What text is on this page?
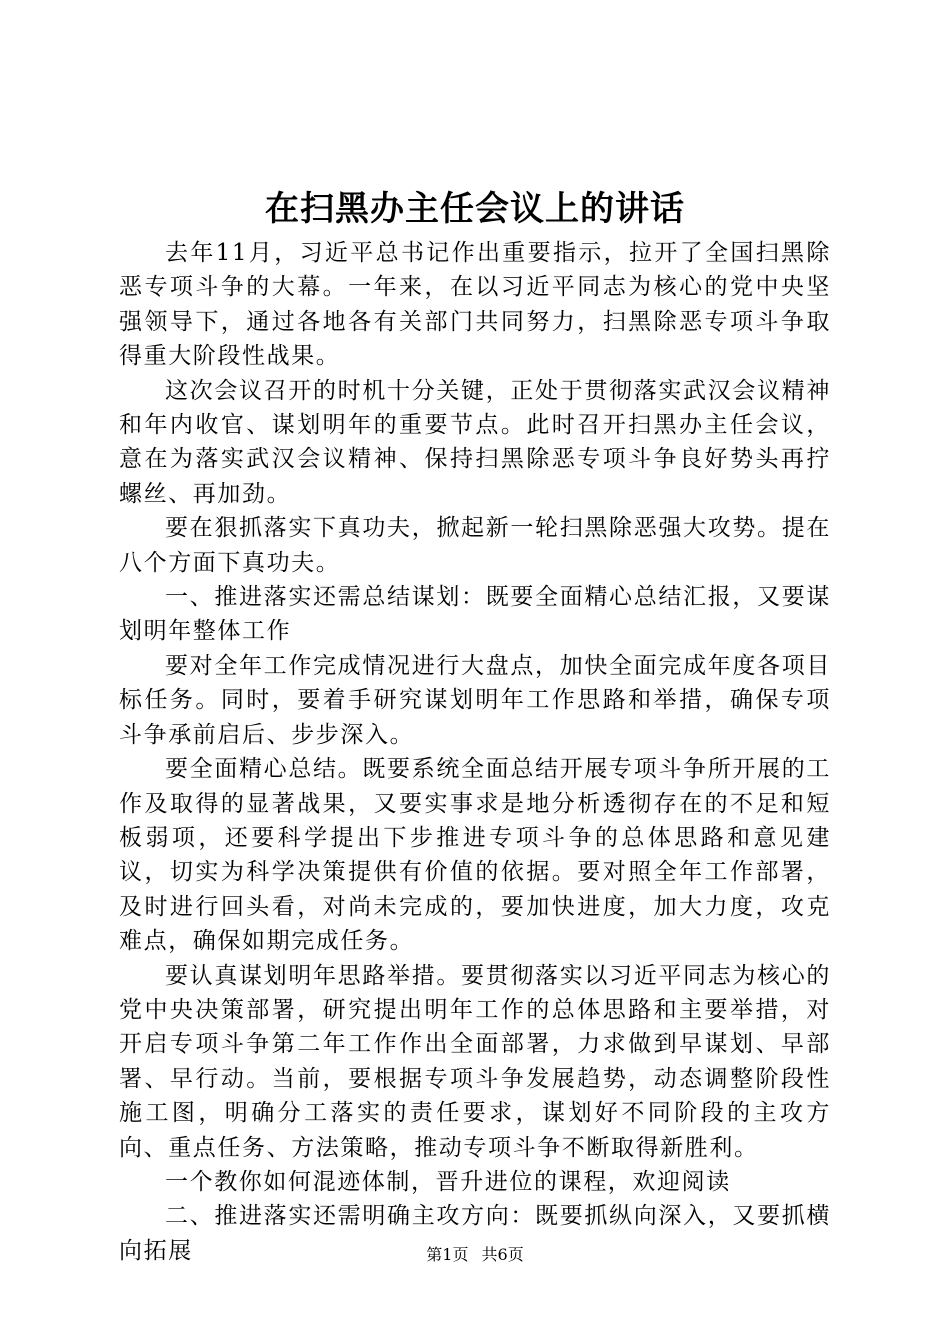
在扫黑办主任会议上的讲话

去年11月，习近平总书记作出重要指示，拉开了全国扫黑除恶专项斗争的大幕。一年来，在以习近平同志为核心的党中央坚强领导下，通过各地各有关部门共同努力，扫黑除恶专项斗争取得重大阶段性战果。

这次会议召开的时机十分关键，正处于贯彻落实武汉会议精神和年内收官、谋划明年的重要节点。此时召开扫黑办主任会议，意在为落实武汉会议精神、保持扫黑除恶专项斗争良好势头再拧螺丝、再加劲。

要在狠抓落实下真功夫，掀起新一轮扫黑除恶强大攻势。提在八个方面下真功夫。

一、推进落实还需总结谋划：既要全面精心总结汇报，又要谋划明年整体工作

要对全年工作完成情况进行大盘点，加快全面完成年度各项目标任务。同时，要着手研究谋划明年工作思路和举措，确保专项斗争承前启后、步步深入。

要全面精心总结。既要系统全面总结开展专项斗争所开展的工作及取得的显著战果，又要实事求是地分析透彻存在的不足和短板弱项，还要科学提出下步推进专项斗争的总体思路和意见建议，切实为科学决策提供有价值的依据。要对照全年工作部署，及时进行回头看，对尚未完成的，要加快进度，加大力度，攻克难点，确保如期完成任务。

要认真谋划明年思路举措。要贯彻落实以习近平同志为核心的党中央决策部署，研究提出明年工作的总体思路和主要举措，对开启专项斗争第二年工作作出全面部署，力求做到早谋划、早部署、早行动。当前，要根据专项斗争发展趋势，动态调整阶段性施工图，明确分工落实的责任要求，谋划好不同阶段的主攻方向、重点任务、方法策略，推动专项斗争不断取得新胜利。

一个教你如何混迹体制，晋升进位的课程，欢迎阅读

二、推进落实还需明确主攻方向：既要抓纵向深入，又要抓横向拓展	第1页 共6页
